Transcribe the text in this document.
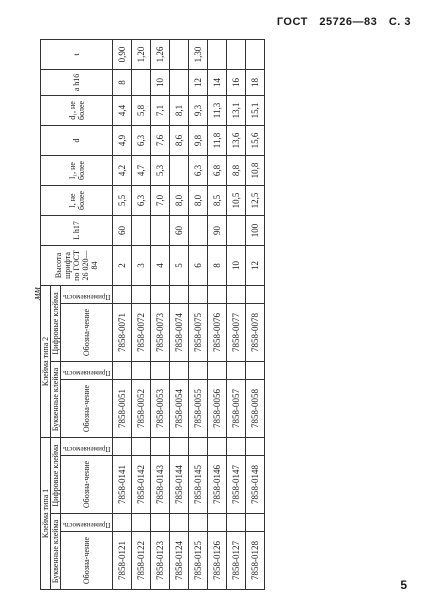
ГОСТ 25726—83 С. 3
мм
Клейма типа 1				Клейма типа 2				Высота шрифта по ГОСТ 26 020—84	L h17	l, не более	l₁, не более	d	d₁, не более	a h16	t
Буквенные клейма		Цифровые клейма		Буквенные клейма		Цифровые клейма									
Обозна-чение	Применяемость	Обозна-чение	Применяемость	Обозна-чение	Применяемость	Обозна-чение	Применяемость								

7858-0121		7858-0141		7858-0051		7858-0071		2	60	5,5	4,2	4,9	4,4	8	0,90
7858-0122		7858-0142		7858-0052		7858-0072		3		6,3	4,7	6,3	5,8		1,20
7858-0123		7858-0143		7858-0053		7858-0073		4		7,0	5,3	7,6	7,1	10	1,26
7858-0124		7858-0144		7858-0054		7858-0074		5	60	8,0		8,6	8,1		
7858-0125		7858-0145		7858-0055		7858-0075		6		8,0	6,3	9,8	9,3	12	1,30
7858-0126		7858-0146		7858-0056		7858-0076		8	90	8,5	6,8	11,8	11,3	14	
7858-0127		7858-0147		7858-0057		7858-0077		10		10,5	8,8	13,6	13,1	16	
7858-0128		7858-0148		7858-0058		7858-0078		12	100	12,5	10,8	15,6	15,1	18	
5
